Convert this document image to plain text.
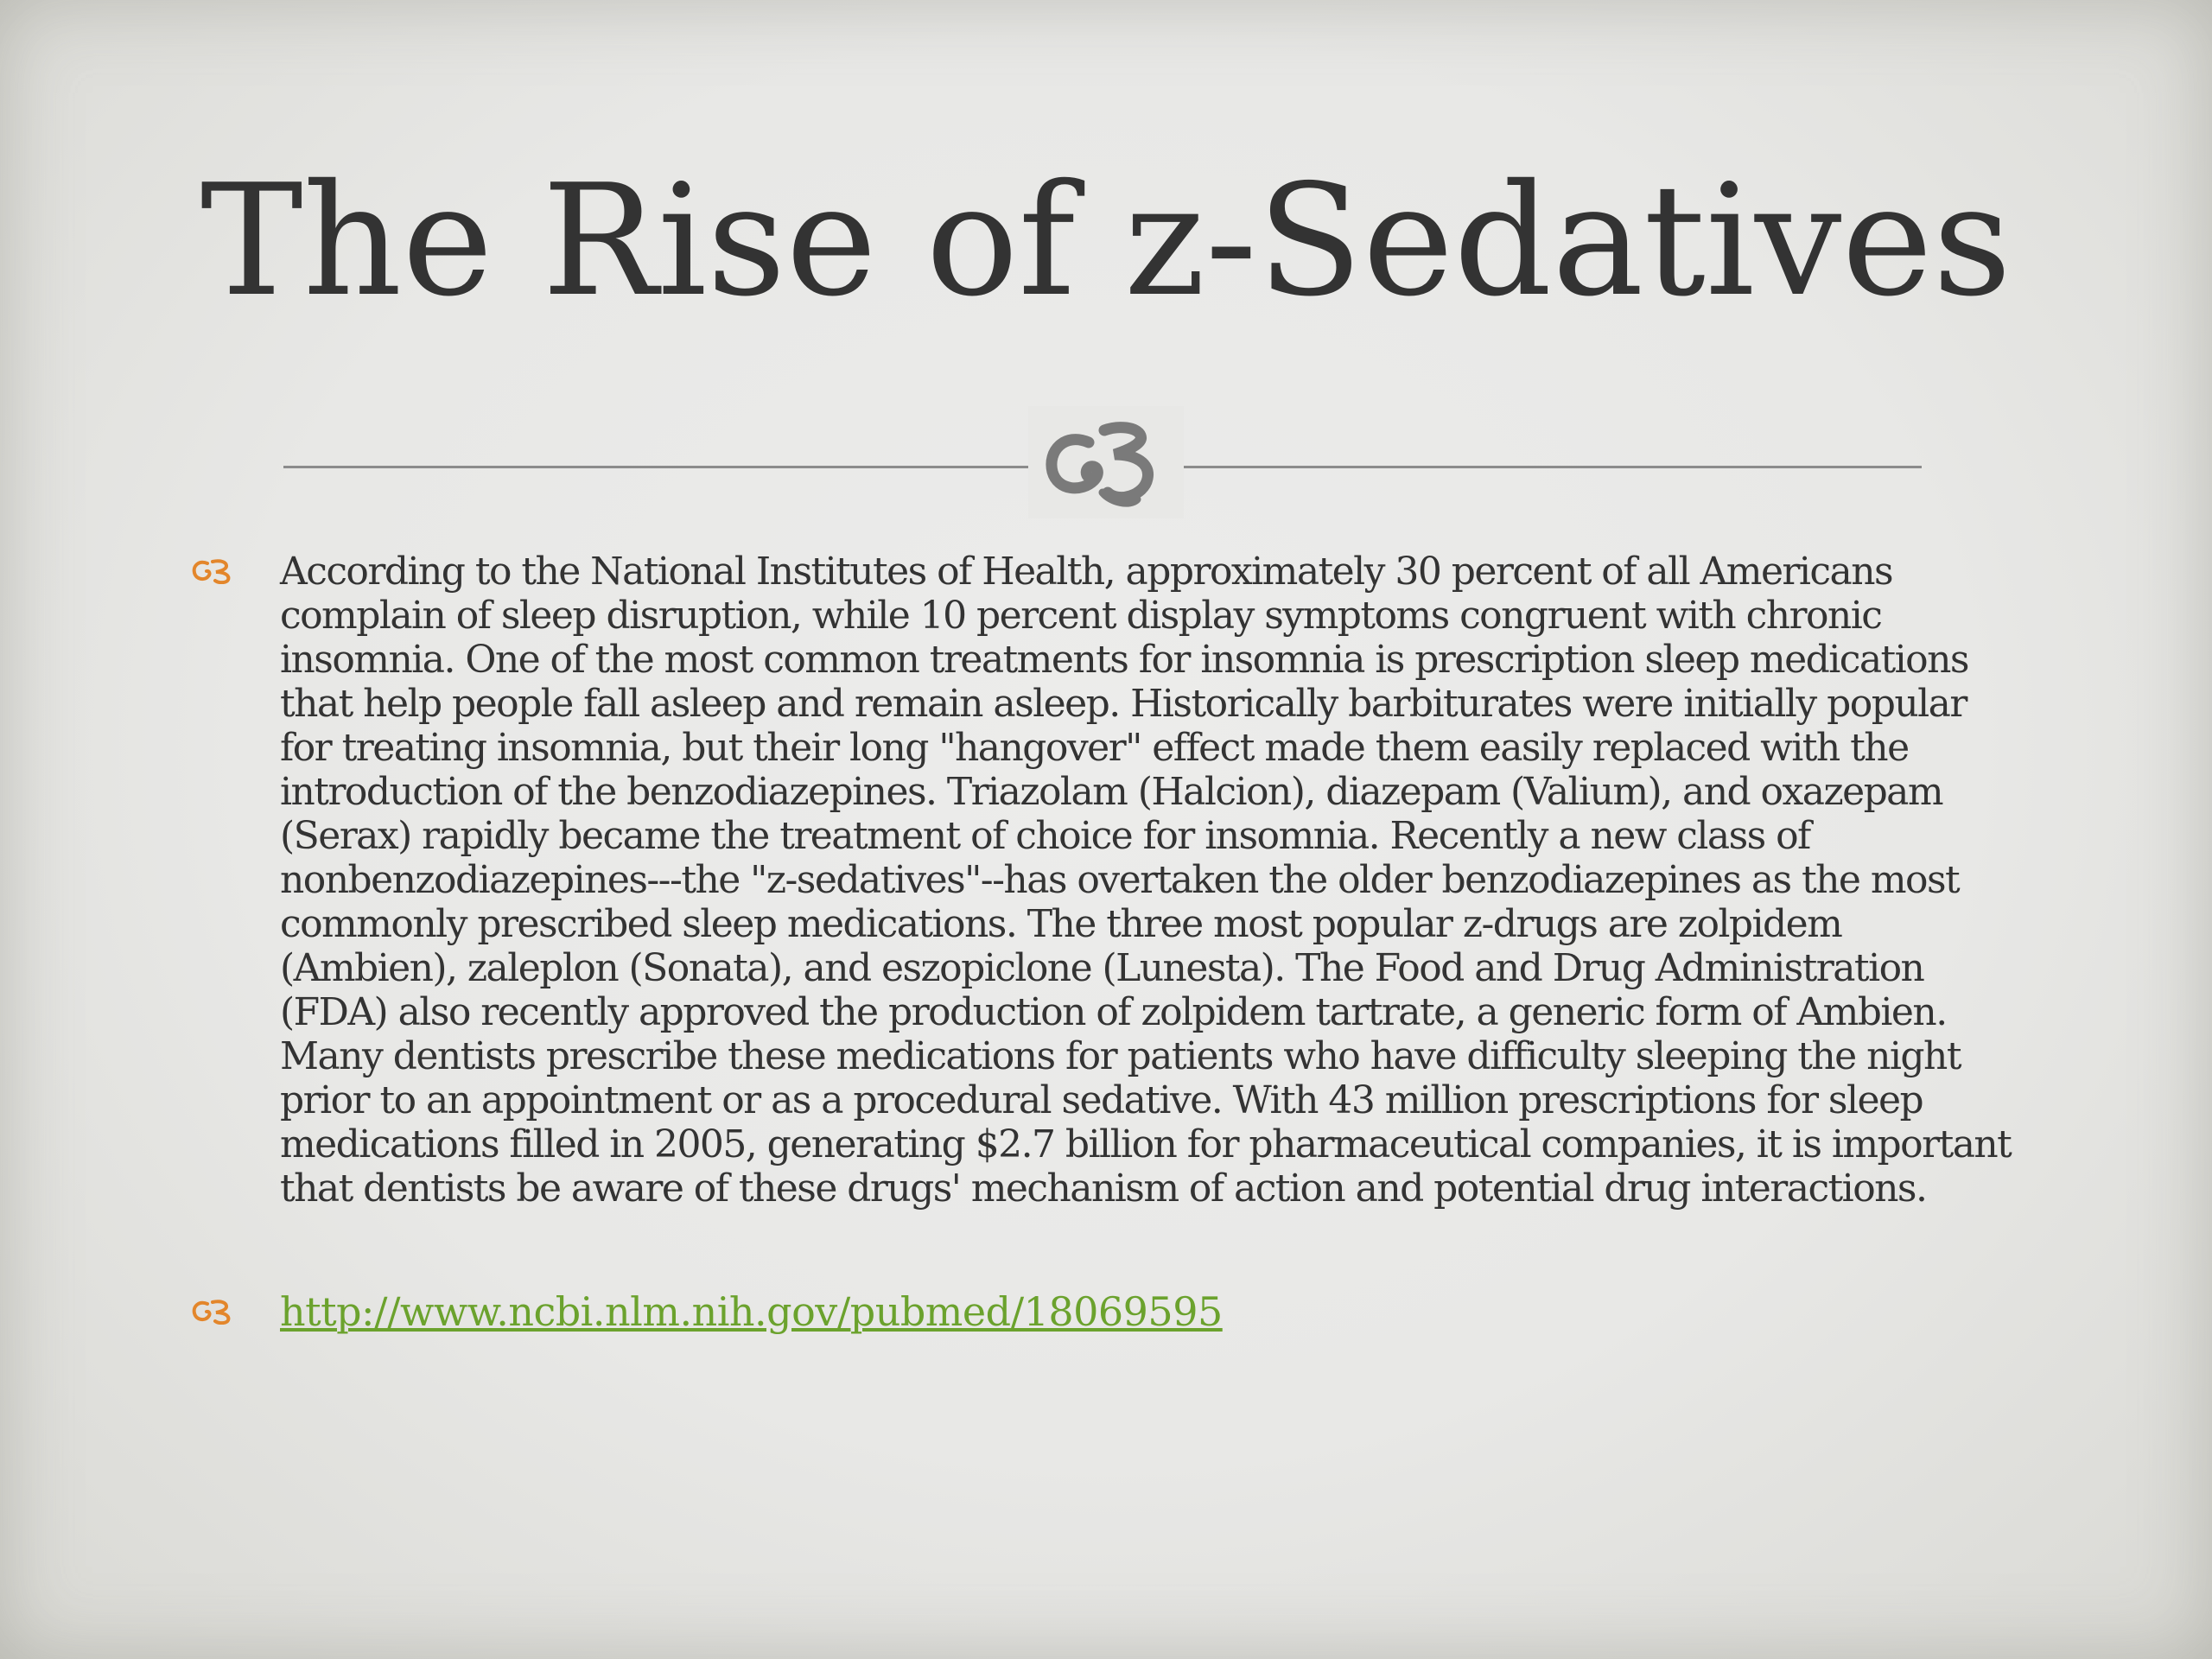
The Rise of z-Sedatives

According to the National Institutes of Health, approximately 30 percent of all Americans complain of sleep disruption, while 10 percent display symptoms congruent with chronic insomnia. One of the most common treatments for insomnia is prescription sleep medications that help people fall asleep and remain asleep. Historically barbiturates were initially popular for treating insomnia, but their long "hangover" effect made them easily replaced with the introduction of the benzodiazepines. Triazolam (Halcion), diazepam (Valium), and oxazepam (Serax) rapidly became the treatment of choice for insomnia. Recently a new class of nonbenzodiazepines---the "z-sedatives"--has overtaken the older benzodiazepines as the most commonly prescribed sleep medications. The three most popular z-drugs are zolpidem (Ambien), zaleplon (Sonata), and eszopiclone (Lunesta). The Food and Drug Administration (FDA) also recently approved the production of zolpidem tartrate, a generic form of Ambien. Many dentists prescribe these medications for patients who have difficulty sleeping the night prior to an appointment or as a procedural sedative. With 43 million prescriptions for sleep medications filled in 2005, generating $2.7 billion for pharmaceutical companies, it is important that dentists be aware of these drugs' mechanism of action and potential drug interactions.

http://www.ncbi.nlm.nih.gov/pubmed/18069595
